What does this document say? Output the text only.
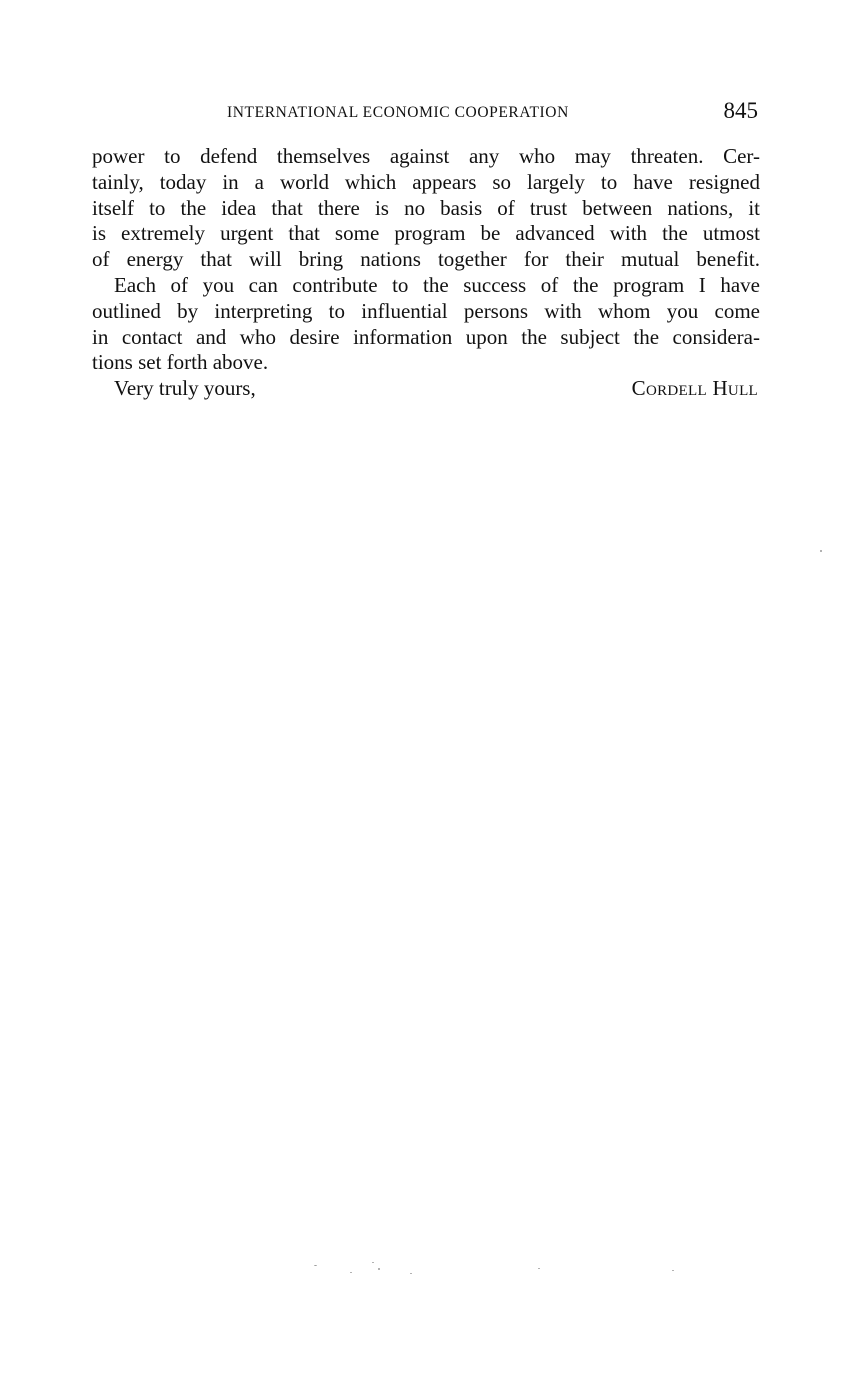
INTERNATIONAL ECONOMIC COOPERATION	845
power to defend themselves against any who may threaten. Cer-
tainly, today in a world which appears so largely to have resigned
itself to the idea that there is no basis of trust between nations, it
is extremely urgent that some program be advanced with the utmost
of energy that will bring nations together for their mutual benefit.
Each of you can contribute to the success of the program I have
outlined by interpreting to influential persons with whom you come
in contact and who desire information upon the subject the considera-
tions set forth above.
Very truly yours,	Cordell Hull
